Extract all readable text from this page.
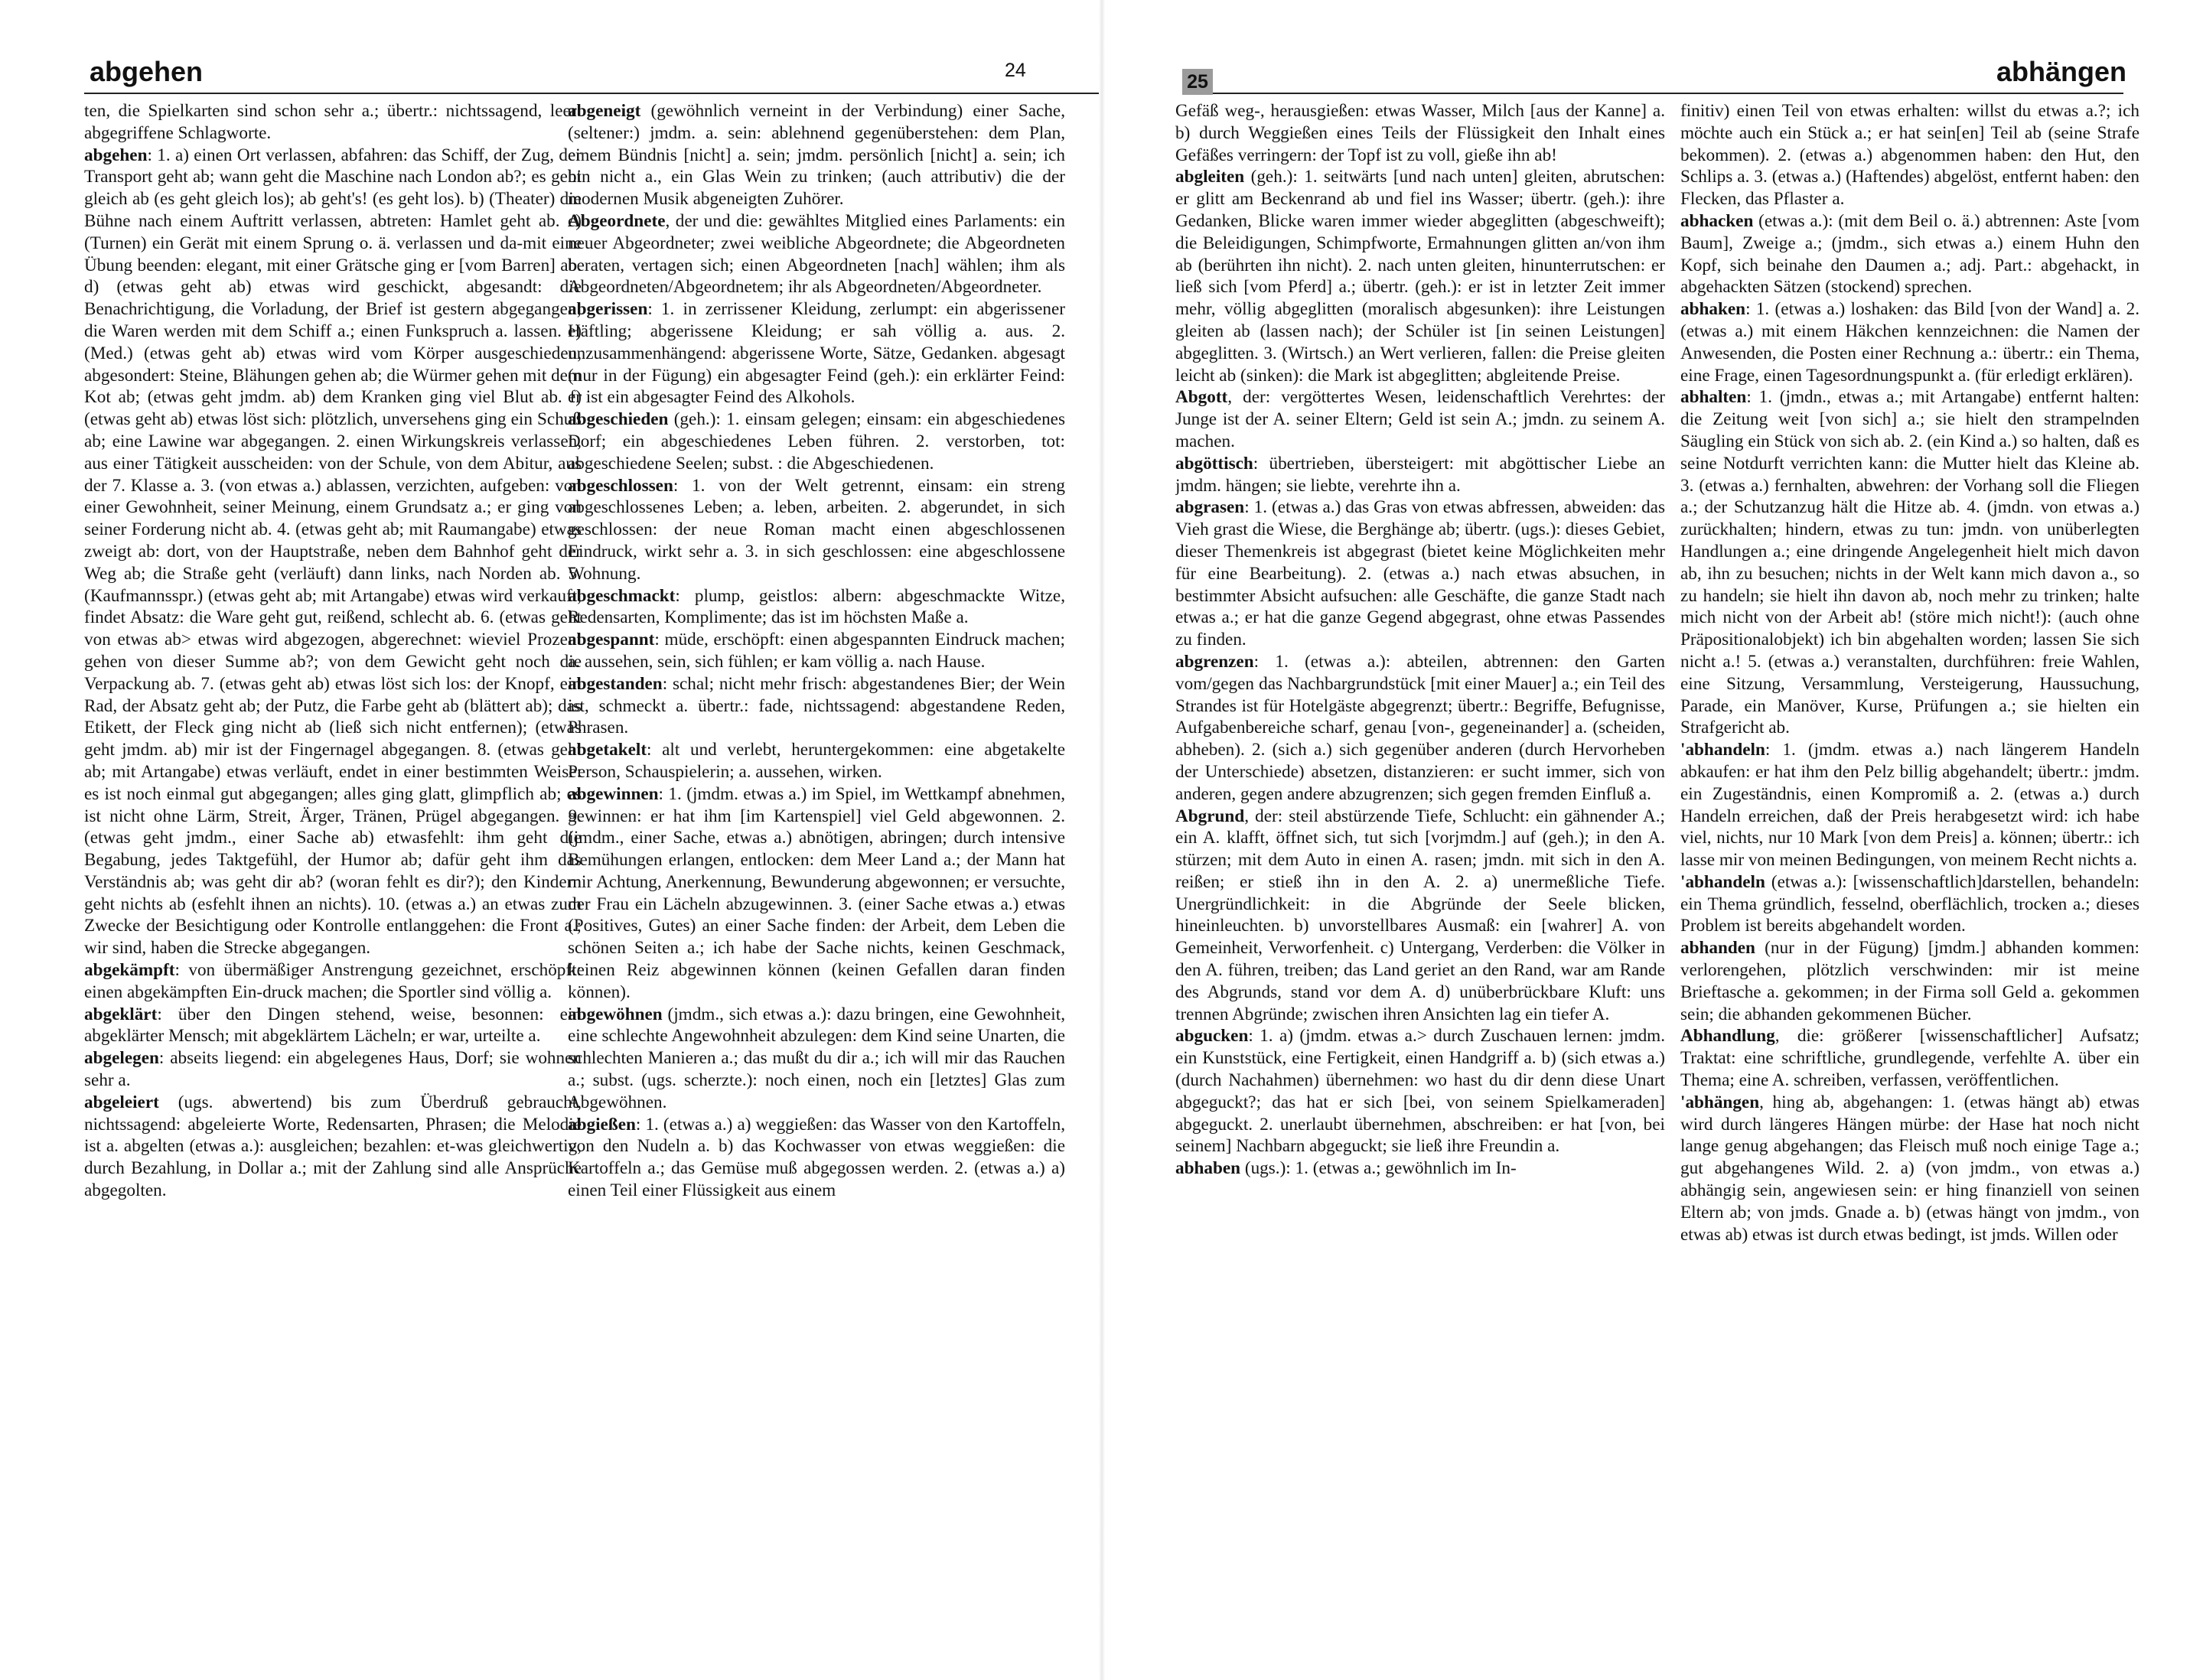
abgehen	24

ten, die Spielkarten sind schon sehr a.; übertr.: nichtssagend, leer: abgegriffene Schlagworte.

abgehen: 1. a) einen Ort verlassen, abfahren: das Schiff, der Zug, der Transport geht ab; wann geht die Maschine nach London ab?; es geht gleich ab (es geht gleich los); ab geht's! (es geht los). b) (Theater) die Bühne nach einem Auftritt verlassen, abtreten: Hamlet geht ab. c) (Turnen) ein Gerät mit einem Sprung o. ä. verlassen und da-mit eine Übung beenden: elegant, mit einer Grätsche ging er [vom Barren] ab. d) (etwas geht ab) etwas wird geschickt, abgesandt: die Benachrichtigung, die Vorladung, der Brief ist gestern abgegangen; die Waren werden mit dem Schiff a.; einen Funkspruch a. lassen. e) (Med.) (etwas geht ab) etwas wird vom Körper ausgeschieden, abgesondert: Steine, Blähungen gehen ab; die Würmer gehen mit dem Kot ab; (etwas geht jmdm. ab) dem Kranken ging viel Blut ab. f) (etwas geht ab) etwas löst sich: plötzlich, unversehens ging ein Schuß ab; eine Lawine war abgegangen. 2. einen Wirkungskreis verlassen, aus einer Tätigkeit ausscheiden: von der Schule, von dem Abitur, aus der 7. Klasse a. 3. (von etwas a.) ablassen, verzichten, aufgeben: von einer Gewohnheit, seiner Meinung, einem Grundsatz a.; er ging von seiner Forderung nicht ab. 4. (etwas geht ab; mit Raumangabe) etwas zweigt ab: dort, von der Hauptstraße, neben dem Bahnhof geht der Weg ab; die Straße geht (verläuft) dann links, nach Norden ab. 5. (Kaufmannsspr.) (etwas geht ab; mit Artangabe) etwas wird verkauft, findet Absatz: die Ware geht gut, reißend, schlecht ab. 6. (etwas geht von etwas ab> etwas wird abgezogen, abgerechnet: wieviel Prozent gehen von dieser Summe ab?; von dem Gewicht geht noch die Verpackung ab. 7. (etwas geht ab) etwas löst sich los: der Knopf, ein Rad, der Absatz geht ab; der Putz, die Farbe geht ab (blättert ab); das Etikett, der Fleck ging nicht ab (ließ sich nicht entfernen); (etwas geht jmdm. ab) mir ist der Fingernagel abgegangen. 8. (etwas geht ab; mit Artangabe) etwas verläuft, endet in einer bestimmten Weise: es ist noch einmal gut abgegangen; alles ging glatt, glimpflich ab; es ist nicht ohne Lärm, Streit, Ärger, Tränen, Prügel abgegangen. 9. (etwas geht jmdm., einer Sache ab) etwasfehlt: ihm geht die Begabung, jedes Taktgefühl, der Humor ab; dafür geht ihm das Verständnis ab; was geht dir ab? (woran fehlt es dir?); den Kindern geht nichts ab (esfehlt ihnen an nichts). 10. (etwas a.) an etwas zum Zwecke der Besichtigung oder Kontrolle entlanggehen: die Front a.; wir sind, haben die Strecke abgegangen.

abgekämpft: von übermäßiger Anstrengung gezeichnet, erschöpft: einen abgekämpften Ein-druck machen; die Sportler sind völlig a.

abgeklärt: über den Dingen stehend, weise, besonnen: ein abgeklärter Mensch; mit abgeklärtem Lächeln; er war, urteilte a.

abgelegen: abseits liegend: ein abgelegenes Haus, Dorf; sie wohnen sehr a.

abgeleiert (ugs. abwertend) bis zum Überdruß gebraucht, nichtssagend: abgeleierte Worte, Redensarten, Phrasen; die Melodie ist a. abgelten (etwas a.): ausgleichen; bezahlen: et-was gleichwertig, durch Bezahlung, in Dollar a.; mit der Zahlung sind alle Ansprüche abgegolten.

abgeneigt (gewöhnlich verneint in der Verbindung) einer Sache, (seltener:) jmdm. a. sein: ablehnend gegenüberstehen: dem Plan, einem Bündnis [nicht] a. sein; jmdm. persönlich [nicht] a. sein; ich bin nicht a., ein Glas Wein zu trinken; (auch attributiv) die der modernen Musik abgeneigten Zuhörer.

Abgeordnete, der und die: gewähltes Mitglied eines Parlaments: ein neuer Abgeordneter; zwei weibliche Abgeordnete; die Abgeordneten beraten, vertagen sich; einen Abgeordneten [nach] wählen; ihm als Abgeordneten/Abgeordnetem; ihr als Abgeordneten/Abgeordneter.

abgerissen: 1. in zerrissener Kleidung, zerlumpt: ein abgerissener Häftling; abgerissene Kleidung; er sah völlig a. aus. 2. unzusammenhängend: abgerissene Worte, Sätze, Gedanken. abgesagt (nur in der Fügung) ein abgesagter Feind (geh.): ein erklärter Feind: er ist ein abgesagter Feind des Alkohols.

abgeschieden (geh.): 1. einsam gelegen; einsam: ein abgeschiedenes Dorf; ein abgeschiedenes Leben führen. 2. verstorben, tot: abgeschiedene Seelen; subst. : die Abgeschiedenen.

abgeschlossen: 1. von der Welt getrennt, einsam: ein streng abgeschlossenes Leben; a. leben, arbeiten. 2. abgerundet, in sich geschlossen: der neue Roman macht einen abgeschlossenen Eindruck, wirkt sehr a. 3. in sich geschlossen: eine abgeschlossene Wohnung.

abgeschmackt: plump, geistlos: albern: abgeschmackte Witze, Redensarten, Komplimente; das ist im höchsten Maße a.

abgespannt: müde, erschöpft: einen abgespannten Eindruck machen; a. aussehen, sein, sich fühlen; er kam völlig a. nach Hause.

abgestanden: schal; nicht mehr frisch: abgestandenes Bier; der Wein ist, schmeckt a. übertr.: fade, nichtssagend: abgestandene Reden, Phrasen.

abgetakelt: alt und verlebt, heruntergekommen: eine abgetakelte Person, Schauspielerin; a. aussehen, wirken.

abgewinnen: 1. (jmdm. etwas a.) im Spiel, im Wettkampf abnehmen, gewinnen: er hat ihm [im Kartenspiel] viel Geld abgewonnen. 2. (jmdm., einer Sache, etwas a.) abnötigen, abringen; durch intensive Bemühungen erlangen, entlocken: dem Meer Land a.; der Mann hat mir Achtung, Anerkennung, Bewunderung abgewonnen; er versuchte, der Frau ein Lächeln abzugewinnen. 3. (einer Sache etwas a.) etwas (Positives, Gutes) an einer Sache finden: der Arbeit, dem Leben die schönen Seiten a.; ich habe der Sache nichts, keinen Geschmack, keinen Reiz abgewinnen können (keinen Gefallen daran finden können).

abgewöhnen (jmdm., sich etwas a.): dazu bringen, eine Gewohnheit, eine schlechte Angewohnheit abzulegen: dem Kind seine Unarten, die schlechten Manieren a.; das mußt du dir a.; ich will mir das Rauchen a.; subst. (ugs. scherzte.): noch einen, noch ein [letztes] Glas zum Abgewöhnen.

abgießen: 1. (etwas a.) a) weggießen: das Wasser von den Kartoffeln, von den Nudeln a. b) das Kochwasser von etwas weggießen: die Kartoffeln a.; das Gemüse muß abgegossen werden. 2. (etwas a.) a) einen Teil einer Flüssigkeit aus einem

25	abhängen

Gefäß weg-, herausgießen: etwas Wasser, Milch [aus der Kanne] a. b) durch Weggießen eines Teils der Flüssigkeit den Inhalt eines Gefäßes verringern: der Topf ist zu voll, gieße ihn ab!

abgleiten (geh.): 1. seitwärts [und nach unten] gleiten, abrutschen: er glitt am Beckenrand ab und fiel ins Wasser; übertr. (geh.): ihre Gedanken, Blicke waren immer wieder abgeglitten (abgeschweift); die Beleidigungen, Schimpfworte, Ermahnungen glitten an/von ihm ab (berührten ihn nicht). 2. nach unten gleiten, hinunterrutschen: er ließ sich [vom Pferd] a.; übertr. (geh.): er ist in letzter Zeit immer mehr, völlig abgeglitten (moralisch abgesunken): ihre Leistungen gleiten ab (lassen nach); der Schüler ist [in seinen Leistungen] abgeglitten. 3. (Wirtsch.) an Wert verlieren, fallen: die Preise gleiten leicht ab (sinken): die Mark ist abgeglitten; abgleitende Preise.

Abgott, der: vergöttertes Wesen, leidenschaftlich Verehrtes: der Junge ist der A. seiner Eltern; Geld ist sein A.; jmdn. zu seinem A. machen.

abgöttisch: übertrieben, übersteigert: mit abgöttischer Liebe an jmdm. hängen; sie liebte, verehrte ihn a.

abgrasen: 1. (etwas a.) das Gras von etwas abfressen, abweiden: das Vieh grast die Wiese, die Berghänge ab; übertr. (ugs.): dieses Gebiet, dieser Themenkreis ist abgegrast (bietet keine Möglichkeiten mehr für eine Bearbeitung). 2. (etwas a.) nach etwas absuchen, in bestimmter Absicht aufsuchen: alle Geschäfte, die ganze Stadt nach etwas a.; er hat die ganze Gegend abgegrast, ohne etwas Passendes zu finden.

abgrenzen: 1. (etwas a.): abteilen, abtrennen: den Garten vom/gegen das Nachbargrundstück [mit einer Mauer] a.; ein Teil des Strandes ist für Hotelgäste abgegrenzt; übertr.: Begriffe, Befugnisse, Aufgabenbereiche scharf, genau [von-, gegeneinander] a. (scheiden, abheben). 2. (sich a.) sich gegenüber anderen (durch Hervorheben der Unterschiede) absetzen, distanzieren: er sucht immer, sich von anderen, gegen andere abzugrenzen; sich gegen fremden Einfluß a.

Abgrund, der: steil abstürzende Tiefe, Schlucht: ein gähnender A.; ein A. klafft, öffnet sich, tut sich [vorjmdm.] auf (geh.); in den A. stürzen; mit dem Auto in einen A. rasen; jmdn. mit sich in den A. reißen; er stieß ihn in den A. 2. a) unermeßliche Tiefe. Unergründlichkeit: in die Abgründe der Seele blicken, hineinleuchten. b) unvorstellbares Ausmaß: ein [wahrer] A. von Gemeinheit, Verworfenheit. c) Untergang, Verderben: die Völker in den A. führen, treiben; das Land geriet an den Rand, war am Rande des Abgrunds, stand vor dem A. d) unüberbrückbare Kluft: uns trennen Abgründe; zwischen ihren Ansichten lag ein tiefer A.

abgucken: 1. a) (jmdm. etwas a.> durch Zuschauen lernen: jmdm. ein Kunststück, eine Fertigkeit, einen Handgriff a. b) (sich etwas a.) (durch Nachahmen) übernehmen: wo hast du dir denn diese Unart abgeguckt?; das hat er sich [bei, von seinem Spielkameraden] abgeguckt. 2. unerlaubt übernehmen, abschreiben: er hat [von, bei seinem] Nachbarn abgeguckt; sie ließ ihre Freundin a.

abhaben (ugs.): 1. (etwas a.; gewöhnlich im In-

finitiv) einen Teil von etwas erhalten: willst du etwas a.?; ich möchte auch ein Stück a.; er hat sein[en] Teil ab (seine Strafe bekommen). 2. (etwas a.) abgenommen haben: den Hut, den Schlips a. 3. (etwas a.) (Haftendes) abgelöst, entfernt haben: den Flecken, das Pflaster a.

abhacken (etwas a.): (mit dem Beil o. ä.) abtrennen: Aste [vom Baum], Zweige a.; (jmdm., sich etwas a.) einem Huhn den Kopf, sich beinahe den Daumen a.; adj. Part.: abgehackt, in abgehackten Sätzen (stockend) sprechen.

abhaken: 1. (etwas a.) loshaken: das Bild [von der Wand] a. 2. (etwas a.) mit einem Häkchen kennzeichnen: die Namen der Anwesenden, die Posten einer Rechnung a.: übertr.: ein Thema, eine Frage, einen Tagesordnungspunkt a. (für erledigt erklären).

abhalten: 1. (jmdn., etwas a.; mit Artangabe) entfernt halten: die Zeitung weit [von sich] a.; sie hielt den strampelnden Säugling ein Stück von sich ab. 2. (ein Kind a.) so halten, daß es seine Notdurft verrichten kann: die Mutter hielt das Kleine ab. 3. (etwas a.) fernhalten, abwehren: der Vorhang soll die Fliegen a.; der Schutzanzug hält die Hitze ab. 4. (jmdn. von etwas a.) zurückhalten; hindern, etwas zu tun: jmdn. von unüberlegten Handlungen a.; eine dringende Angelegenheit hielt mich davon ab, ihn zu besuchen; nichts in der Welt kann mich davon a., so zu handeln; sie hielt ihn davon ab, noch mehr zu trinken; halte mich nicht von der Arbeit ab! (störe mich nicht!): (auch ohne Präpositionalobjekt) ich bin abgehalten worden; lassen Sie sich nicht a.! 5. (etwas a.) veranstalten, durchführen: freie Wahlen, eine Sitzung, Versammlung, Versteigerung, Haussuchung, Parade, ein Manöver, Kurse, Prüfungen a.; sie hielten ein Strafgericht ab.

'abhandeln: 1. (jmdm. etwas a.) nach längerem Handeln abkaufen: er hat ihm den Pelz billig abgehandelt; übertr.: jmdm. ein Zugeständnis, einen Kompromiß a. 2. (etwas a.) durch Handeln erreichen, daß der Preis herabgesetzt wird: ich habe viel, nichts, nur 10 Mark [von dem Preis] a. können; übertr.: ich lasse mir von meinen Bedingungen, von meinem Recht nichts a.

'abhandeln (etwas a.): [wissenschaftlich]darstellen, behandeln: ein Thema gründlich, fesselnd, oberflächlich, trocken a.; dieses Problem ist bereits abgehandelt worden.

abhanden (nur in der Fügung) [jmdm.] abhanden kommen: verlorengehen, plötzlich verschwinden: mir ist meine Brieftasche a. gekommen; in der Firma soll Geld a. gekommen sein; die abhanden gekommenen Bücher.

Abhandlung, die: größerer [wissenschaftlicher] Aufsatz; Traktat: eine schriftliche, grundlegende, verfehlte A. über ein Thema; eine A. schreiben, verfassen, veröffentlichen.

'abhängen, hing ab, abgehangen: 1. (etwas hängt ab) etwas wird durch längeres Hängen mürbe: der Hase hat noch nicht lange genug abgehangen; das Fleisch muß noch einige Tage a.; gut abgehangenes Wild. 2. a) (von jmdm., von etwas a.) abhängig sein, angewiesen sein: er hing finanziell von seinen Eltern ab; von jmds. Gnade a. b) (etwas hängt von jmdm., von etwas ab) etwas ist durch etwas bedingt, ist jmds. Willen oder
